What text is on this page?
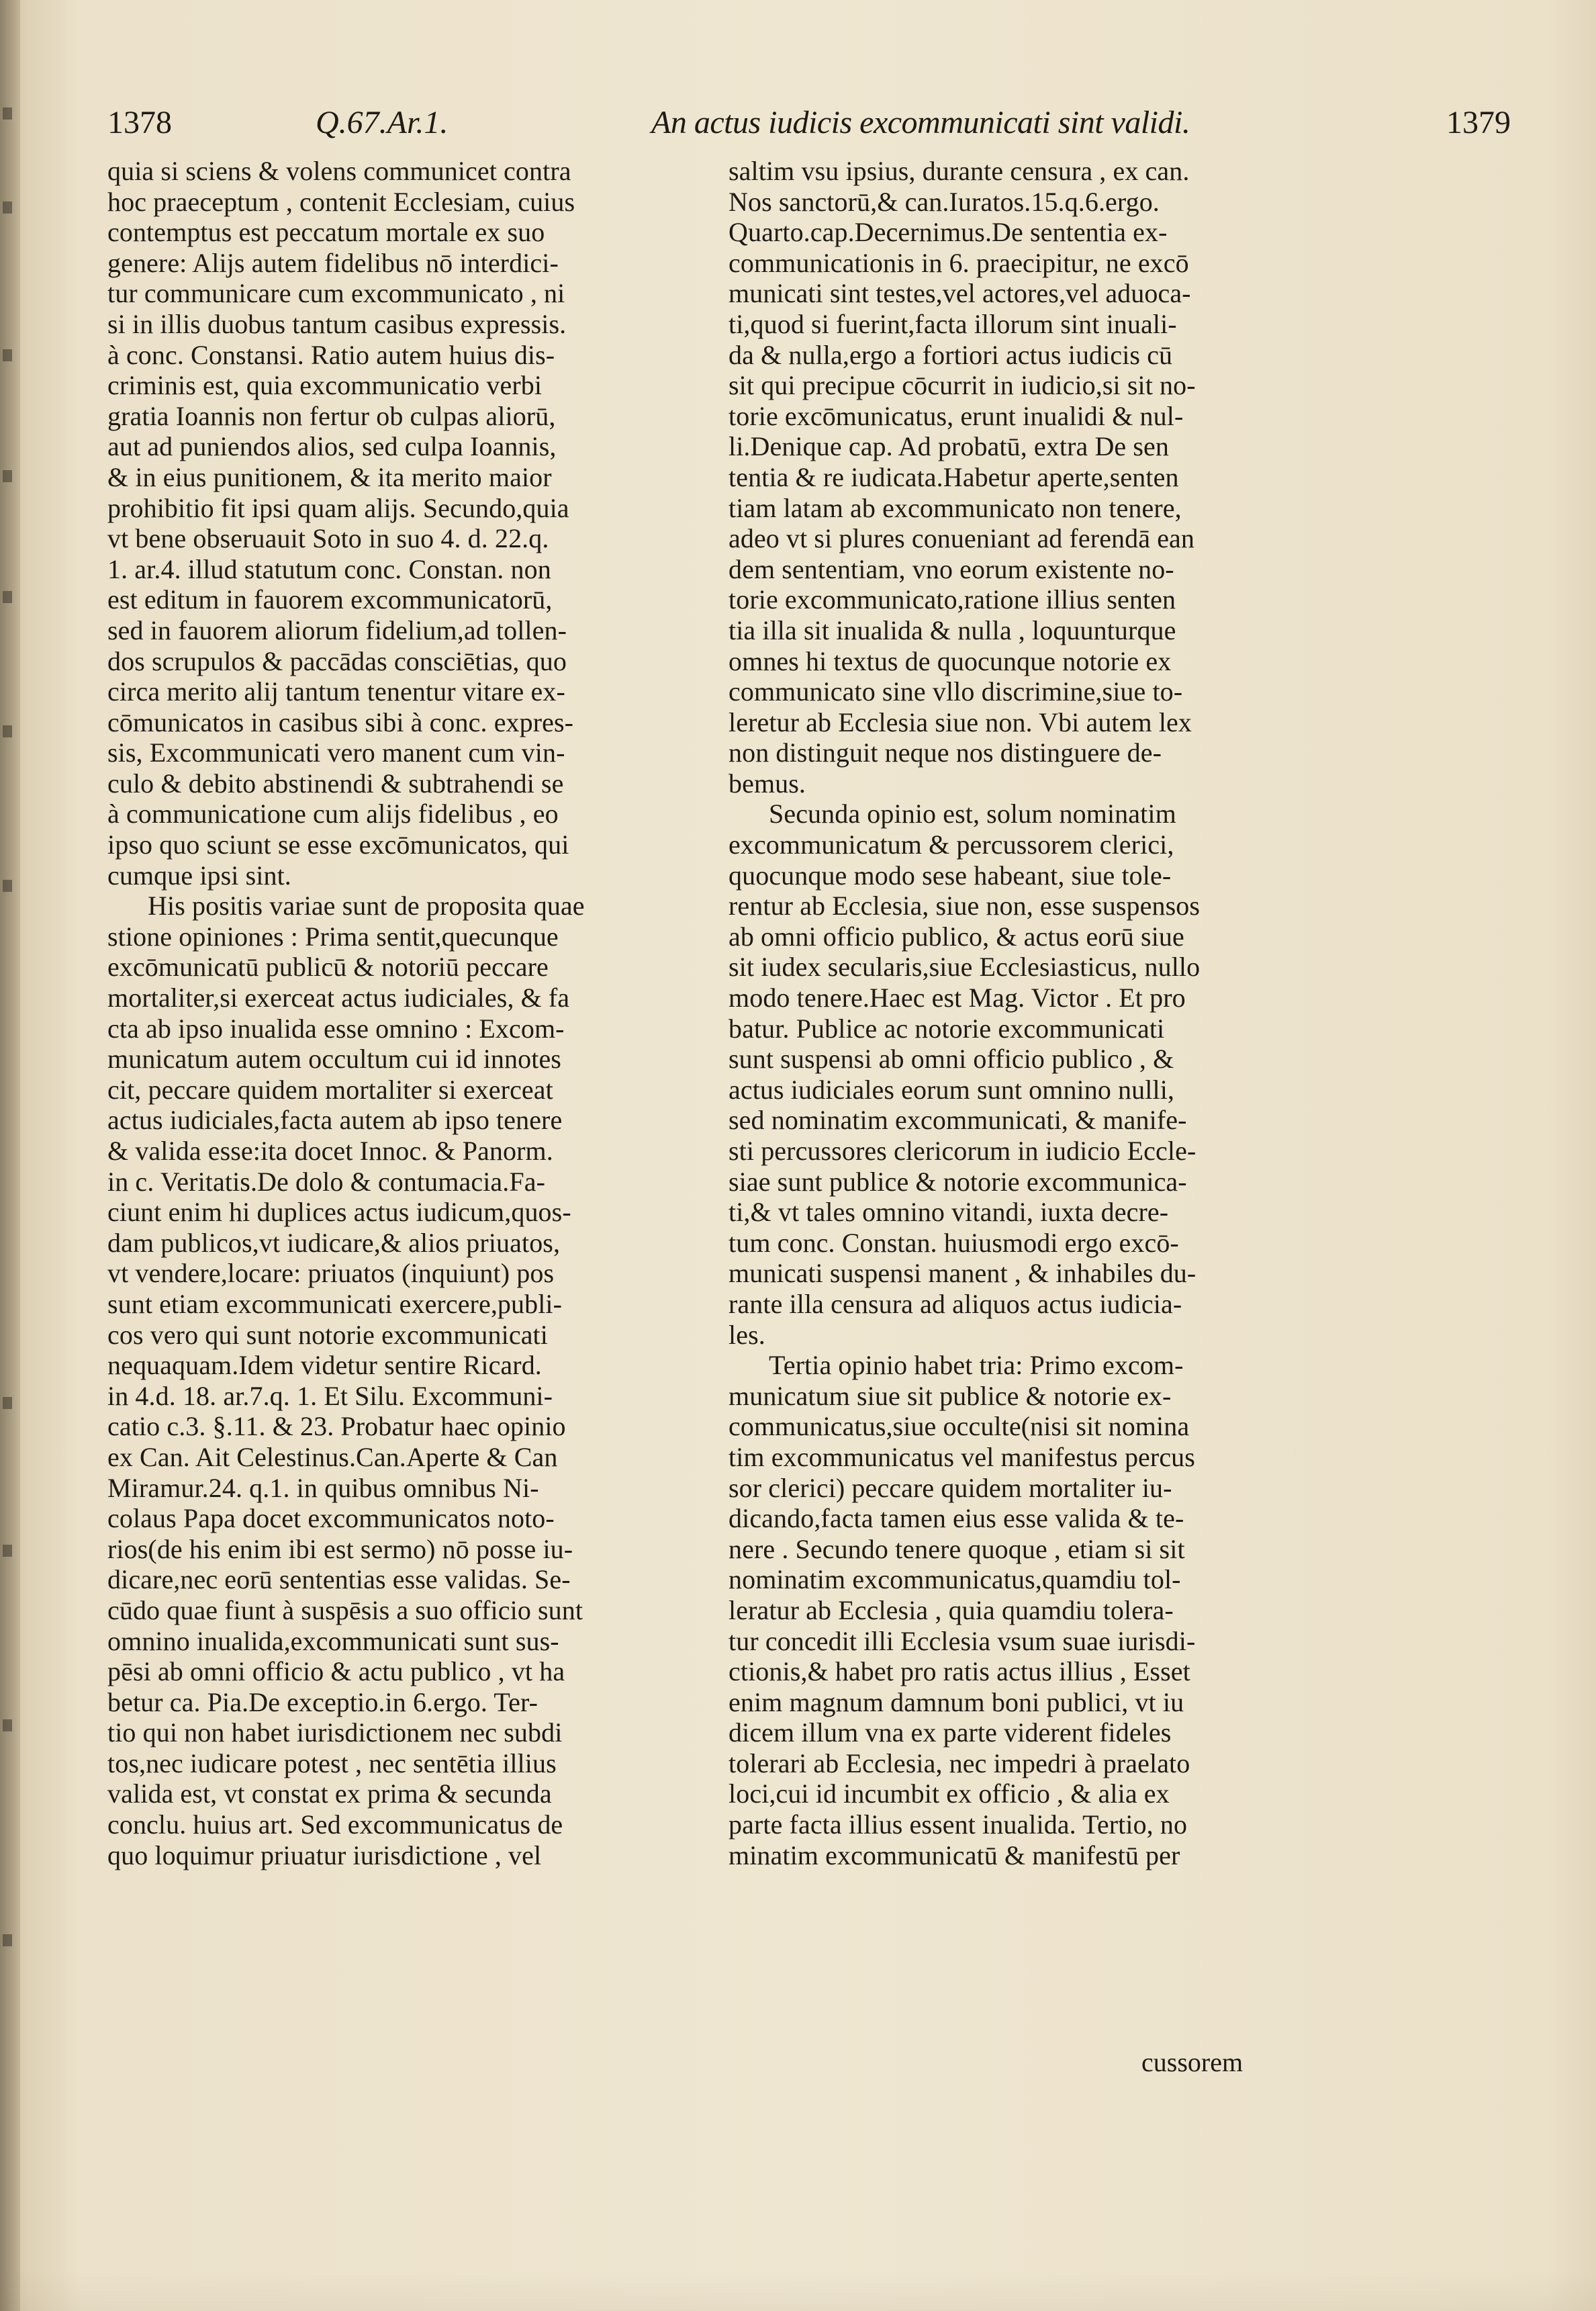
1378	Q.67.Ar.1.	An actus iudicis excommunicati sint validi.	1379
quia si sciens & volens communicet contra
hoc praeceptum , contenit Ecclesiam, cuius
contemptus est peccatum mortale ex suo
genere: Alijs autem fidelibus nō interdici-
tur communicare cum excommunicato , ni
si in illis duobus tantum casibus expressis.
à conc. Constansi. Ratio autem huius dis-
criminis est, quia excommunicatio verbi
gratia Ioannis non fertur ob culpas aliorū,
aut ad puniendos alios, sed culpa Ioannis,
& in eius punitionem, & ita merito maior
prohibitio fit ipsi quam alijs. Secundo,quia
vt bene obseruauit Soto in suo 4. d. 22.q.
1. ar.4. illud statutum conc. Constan. non
est editum in fauorem excommunicatorū,
sed in fauorem aliorum fidelium,ad tollen-
dos scrupulos & paccādas consciētias, quo
circa merito alij tantum tenentur vitare ex-
cōmunicatos in casibus sibi à conc. expres-
sis, Excommunicati vero manent cum vin-
culo & debito abstinendi & subtrahendi se
à communicatione cum alijs fidelibus , eo
ipso quo sciunt se esse excōmunicatos, qui
cumque ipsi sint.
His positis variae sunt de proposita quae
stione opiniones : Prima sentit,quecunque
excōmunicatū publicū & notoriū peccare
mortaliter,si exerceat actus iudiciales, & fa
cta ab ipso inualida esse omnino : Excom-
municatum autem occultum cui id innotes
cit, peccare quidem mortaliter si exerceat
actus iudiciales,facta autem ab ipso tenere
& valida esse:ita docet Innoc. & Panorm.
in c. Veritatis.De dolo & contumacia.Fa-
ciunt enim hi duplices actus iudicum,quos-
dam publicos,vt iudicare,& alios priuatos,
vt vendere,locare: priuatos (inquiunt) pos
sunt etiam excommunicati exercere,publi-
cos vero qui sunt notorie excommunicati
nequaquam.Idem videtur sentire Ricard.
in 4.d. 18. ar.7.q. 1. Et Silu. Excommuni-
catio c.3. §.11. & 23. Probatur haec opinio
ex Can. Ait Celestinus.Can.Aperte & Can
Miramur.24. q.1. in quibus omnibus Ni-
colaus Papa docet excommunicatos noto-
rios(de his enim ibi est sermo) nō posse iu-
dicare,nec eorū sententias esse validas. Se-
cūdo quae fiunt à suspēsis a suo officio sunt
omnino inualida,excommunicati sunt sus-
pēsi ab omni officio & actu publico , vt ha
betur ca. Pia.De exceptio.in 6.ergo. Ter-
tio qui non habet iurisdictionem nec subdi
tos,nec iudicare potest , nec sentētia illius
valida est, vt constat ex prima & secunda
conclu. huius art. Sed excommunicatus de
quo loquimur priuatur iurisdictione , vel
saltim vsu ipsius, durante censura , ex can.
Nos sanctorū,& can.Iuratos.15.q.6.ergo.
Quarto.cap.Decernimus.De sententia ex-
communicationis in 6. praecipitur, ne excō
municati sint testes,vel actores,vel aduoca-
ti,quod si fuerint,facta illorum sint inuali-
da & nulla,ergo a fortiori actus iudicis cū
sit qui precipue cōcurrit in iudicio,si sit no-
torie excōmunicatus, erunt inualidi & nul-
li.Denique cap. Ad probatū, extra De sen
tentia & re iudicata.Habetur aperte,senten
tiam latam ab excommunicato non tenere,
adeo vt si plures conueniant ad ferendā ean
dem sententiam, vno eorum existente no-
torie excommunicato,ratione illius senten
tia illa sit inualida & nulla , loquunturque
omnes hi textus de quocunque notorie ex
communicato sine vllo discrimine,siue to-
leretur ab Ecclesia siue non. Vbi autem lex
non distinguit neque nos distinguere de-
bemus.
Secunda opinio est, solum nominatim
excommunicatum & percussorem clerici,
quocunque modo sese habeant, siue tole-
rentur ab Ecclesia, siue non, esse suspensos
ab omni officio publico, & actus eorū siue
sit iudex secularis,siue Ecclesiasticus, nullo
modo tenere.Haec est Mag. Victor . Et pro
batur. Publice ac notorie excommunicati
sunt suspensi ab omni officio publico , &
actus iudiciales eorum sunt omnino nulli,
sed nominatim excommunicati, & manife-
sti percussores clericorum in iudicio Eccle-
siae sunt publice & notorie excommunica-
ti,& vt tales omnino vitandi, iuxta decre-
tum conc. Constan. huiusmodi ergo excō-
municati suspensi manent , & inhabiles du-
rante illa censura ad aliquos actus iudicia-
les.
Tertia opinio habet tria: Primo excom-
municatum siue sit publice & notorie ex-
communicatus,siue occulte(nisi sit nomina
tim excommunicatus vel manifestus percus
sor clerici) peccare quidem mortaliter iu-
dicando,facta tamen eius esse valida & te-
nere . Secundo tenere quoque , etiam si sit
nominatim excommunicatus,quamdiu tol-
leratur ab Ecclesia , quia quamdiu tolera-
tur concedit illi Ecclesia vsum suae iurisdi-
ctionis,& habet pro ratis actus illius , Esset
enim magnum damnum boni publici, vt iu
dicem illum vna ex parte viderent fideles
tolerari ab Ecclesia, nec impedri à praelato
loci,cui id incumbit ex officio , & alia ex
parte facta illius essent inualida. Tertio, no
minatim excommunicatū & manifestū per
cussorem
